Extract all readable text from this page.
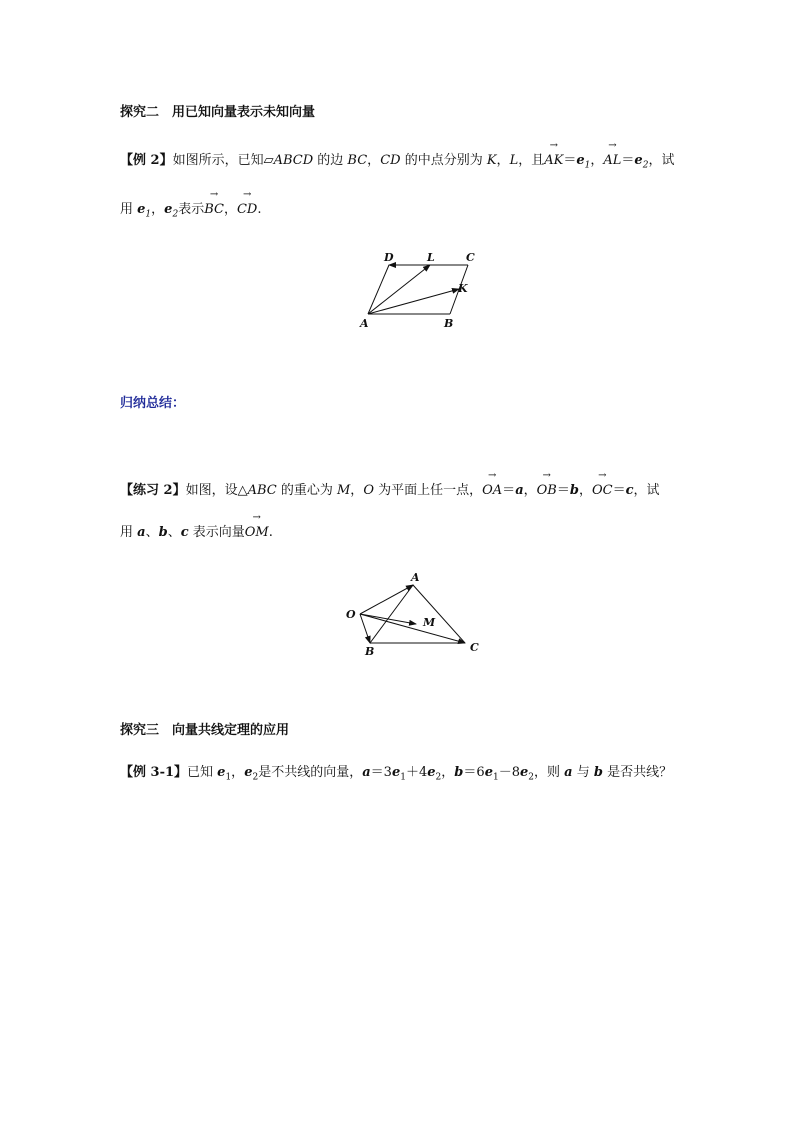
探究二　用已知向量表示未知向量
【例 2】如图所示，已知▱ABCD 的边 BC，CD 的中点分别为 K，L，且→ $AK=e_1$，→ $AL=e_2$，试
用 $e_1$，$e_2$表示→ BC，→ CD.
D	L	C
K
A	B
归纳总结：
【练习 2】如图，设△ABC 的重心为 M，O 为平面上任一点，→ OA＝a，→ OB＝b，→ OC＝c，试
用 a、b、c 表示向量→ OM.
A
O
M
B	C
探究三　向量共线定理的应用
【例 3-1】已知 $e_1$，$e_2$是不共线的向量，$a=3e_1+4e_2$，$b=6e_1-8e_2$，则 a 与 b 是否共线？
